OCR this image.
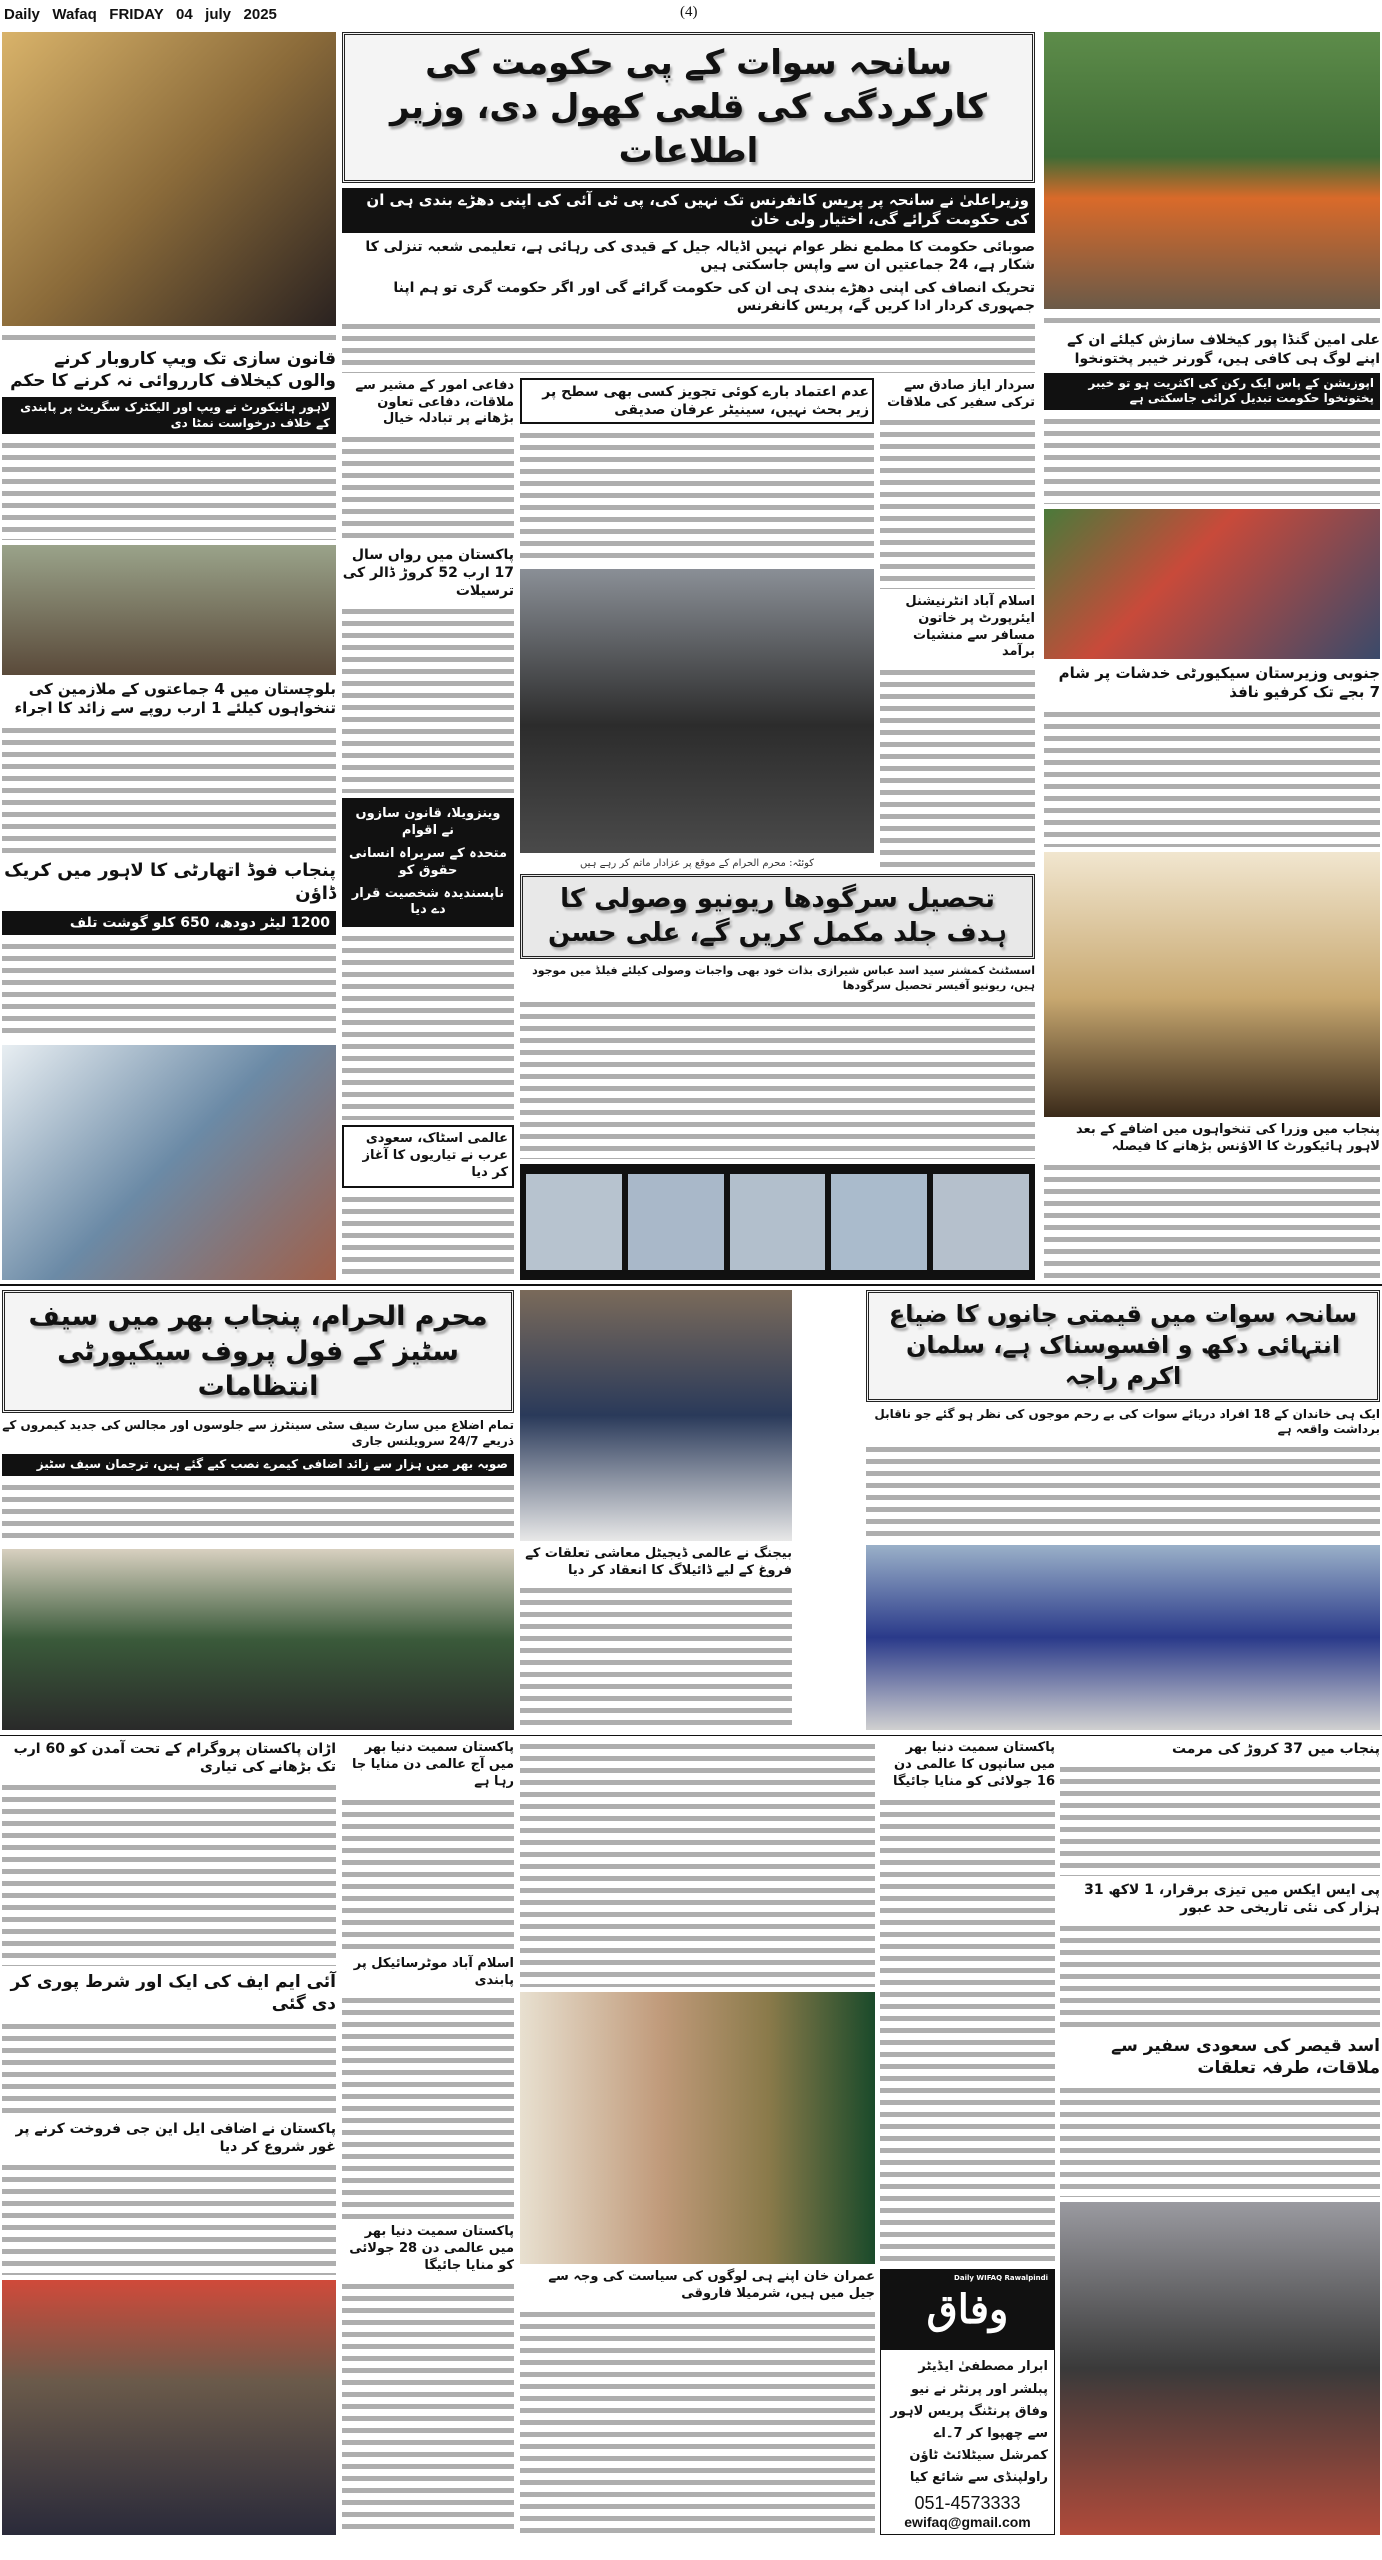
Daily   Wafaq   FRIDAY   04   july   2025	(4)
قانون سازی تک ویپ کاروبار کرنے والوں کیخلاف کارروائی نہ کرنے کا حکم
لاہور ہائیکورٹ نے ویپ اور الیکٹرک سگریٹ پر پابندی کے خلاف درخواست نمٹا دی
بلوچستان میں 4 جماعتوں کے ملازمین کی تنخواہوں کیلئے 1 ارب روپے سے زائد کا اجراء
پنجاب فوڈ اتھارٹی کا لاہور میں کریک ڈاؤن
1200 لیٹر دودھ، 650 کلو گوشت تلف
سانحہ سوات کے پی حکومت کی کارکردگی کی قلعی کھول دی، وزیر اطلاعات
وزیراعلیٰ نے سانحہ پر پریس کانفرنس تک نہیں کی، پی ٹی آئی کی اپنی دھڑے بندی ہی ان کی حکومت گرائے گی، اختیار ولی خان
صوبائی حکومت کا مطمع نظر عوام نہیں اڈیالہ جیل کے قیدی کی رہائی ہے، تعلیمی شعبہ تنزلی کا شکار ہے، 24 جماعتیں ان سے واپس جاسکتی ہیں
تحریک انصاف کی اپنی دھڑے بندی ہی ان کی حکومت گرائے گی اور اگر حکومت گری تو ہم اپنا جمہوری کردار ادا کریں گے، پریس کانفرنس
دفاعی امور کے مشیر سے ملاقات، دفاعی تعاون بڑھانے پر تبادلہ خیال
پاکستان میں رواں سال 17 ارب 52 کروڑ ڈالر کی ترسیلات
وینزویلا، قانون سازوں نے اقوام
متحدہ کے سربراہ انسانی حقوق کو
ناپسندیدہ شخصیت قرار دے دیا
عالمی اسٹاک، سعودی عرب نے تیاریوں کا آغاز کر دیا
عدم اعتماد بارے کوئی تجویز کسی بھی سطح پر زیر بحث نہیں، سینیٹر عرفان صدیقی
کوئٹہ: محرم الحرام کے موقع پر عزادار ماتم کر رہے ہیں
سردار ایاز صادق سے ترکی سفیر کی ملاقات
اسلام آباد انٹرنیشنل ایئرپورٹ پر خاتون مسافر سے منشیات برآمد
تحصیل سرگودھا ریونیو وصولی کا ہدف جلد مکمل کریں گے، علی حسن
اسسٹنٹ کمشنر سید اسد عباس شیرازی بذات خود بھی واجبات وصولی کیلئے فیلڈ میں موجود ہیں، ریونیو آفیسر تحصیل سرگودھا
علی امین گنڈا پور کیخلاف سازش کیلئے ان کے اپنے لوگ ہی کافی ہیں، گورنر خیبر پختونخوا
اپوزیشن کے پاس ایک رکن کی اکثریت ہو تو خیبر پختونخوا حکومت تبدیل کرائی جاسکتی ہے
جنوبی وزیرستان سیکیورٹی خدشات پر شام 7 بجے تک کرفیو نافذ
پنجاب میں وزرا کی تنخواہوں میں اضافے کے بعد لاہور ہائیکورٹ کا الاؤنس بڑھانے کا فیصلہ
محرم الحرام، پنجاب بھر میں سیف سٹیز کے فول پروف سیکیورٹی انتظامات
تمام اضلاع میں سارٹ سیف سٹی سینٹرز سے جلوسوں اور مجالس کی جدید کیمروں کے ذریعے 24/7 سرویلنس جاری
صوبہ بھر میں ہزار سے زائد اضافی کیمرے نصب کیے گئے ہیں، ترجمان سیف سٹیز
بیجنگ نے عالمی ڈیجیٹل معاشی تعلقات کے فروغ کے لیے ڈائیلاگ کا انعقاد کر دیا
سانحہ سوات میں قیمتی جانوں کا ضیاع انتہائی دکھ و افسوسناک ہے، سلمان اکرم راجہ
ایک ہی خاندان کے 18 افراد دریائے سوات کی بے رحم موجوں کی نظر ہو گئے جو ناقابل برداشت واقعہ ہے
اڑان پاکستان پروگرام کے تحت آمدن کو 60 ارب تک بڑھانے کی تیاری
آئی ایم ایف کی ایک اور شرط پوری کر دی گئی
پاکستان نے اضافی ایل این جی فروخت کرنے پر غور شروع کر دیا
پاکستان سمیت دنیا بھر میں آج عالمی دن منایا جا رہا ہے
اسلام آباد موٹرسائیکل پر پابندی
پاکستان سمیت دنیا بھر میں عالمی دن 28 جولائی کو منایا جائیگا
عمران خان اپنے ہی لوگوں کی سیاست کی وجہ سے جیل میں ہیں، شرمیلا فاروقی
پاکستان سمیت دنیا بھر میں سانپوں کا عالمی دن 16 جولائی کو منایا جائیگا
Daily WIFAQ Rawalpindi
وفاق
ابرار مصطفیٰ ایڈیٹر پبلشر اور پرنٹر نے نیو وفاق پرنٹنگ پریس لاہور سے چھپوا کر 7۔اے کمرشل سیٹلائٹ ٹاؤن راولپنڈی سے شائع کیا
051-4573333
ewifaq@gmail.com
پنجاب میں 37 کروڑ کی مرمت
پی ایس ایکس میں تیزی برقرار، 1 لاکھ 31 ہزار کی نئی تاریخی حد عبور
اسد قیصر کی سعودی سفیر سے ملاقات، طرفہ تعلقات
